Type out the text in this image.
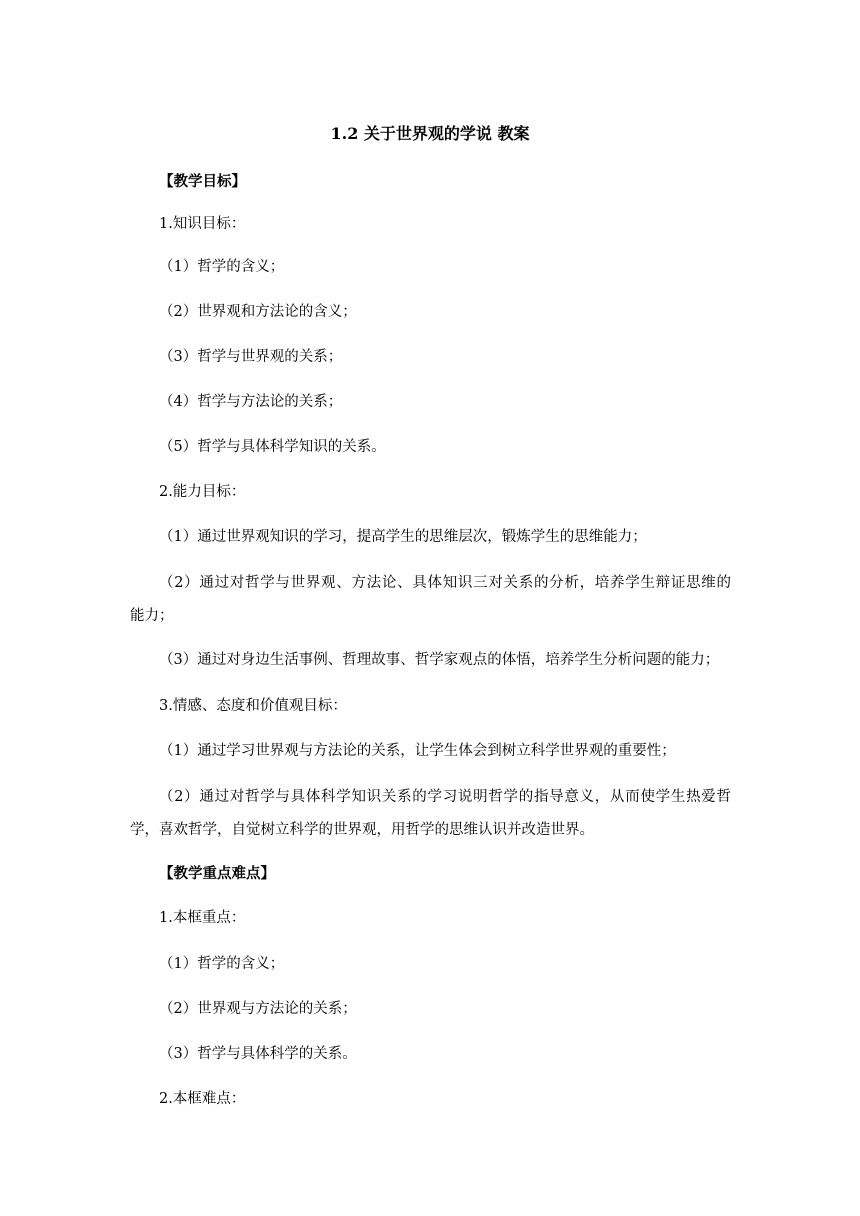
1.2 关于世界观的学说 教案
【教学目标】
1.知识目标：
（1）哲学的含义；
（2）世界观和方法论的含义；
（3）哲学与世界观的关系；
（4）哲学与方法论的关系；
（5）哲学与具体科学知识的关系。
2.能力目标：
（1）通过世界观知识的学习，提高学生的思维层次，锻炼学生的思维能力；
（2）通过对哲学与世界观、方法论、具体知识三对关系的分析，培养学生辩证思维的
能力；
（3）通过对身边生活事例、哲理故事、哲学家观点的体悟，培养学生分析问题的能力；
3.情感、态度和价值观目标：
（1）通过学习世界观与方法论的关系，让学生体会到树立科学世界观的重要性；
（2）通过对哲学与具体科学知识关系的学习说明哲学的指导意义，从而使学生热爱哲
学，喜欢哲学，自觉树立科学的世界观，用哲学的思维认识并改造世界。
【教学重点难点】
1.本框重点：
（1）哲学的含义；
（2）世界观与方法论的关系；
（3）哲学与具体科学的关系。
2.本框难点：
